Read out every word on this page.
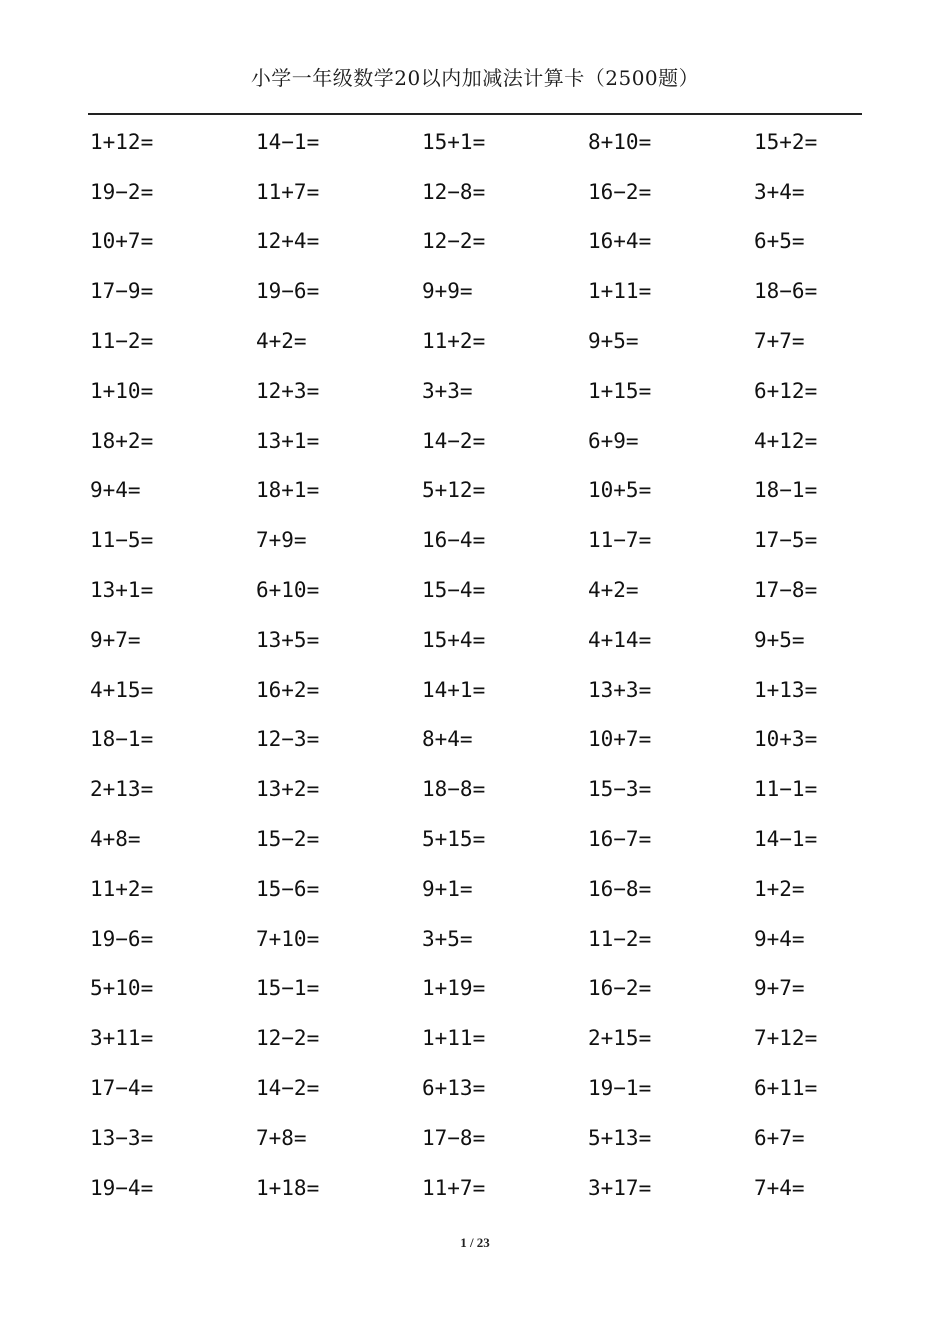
小学一年级数学20以内加减法计算卡（2500题）
1+12=	14−1=	15+1=	8+10=	15+2=
19−2=	11+7=	12−8=	16−2=	3+4=
10+7=	12+4=	12−2=	16+4=	6+5=
17−9=	19−6=	9+9=	1+11=	18−6=
11−2=	4+2=	11+2=	9+5=	7+7=
1+10=	12+3=	3+3=	1+15=	6+12=
18+2=	13+1=	14−2=	6+9=	4+12=
9+4=	18+1=	5+12=	10+5=	18−1=
11−5=	7+9=	16−4=	11−7=	17−5=
13+1=	6+10=	15−4=	4+2=	17−8=
9+7=	13+5=	15+4=	4+14=	9+5=
4+15=	16+2=	14+1=	13+3=	1+13=
18−1=	12−3=	8+4=	10+7=	10+3=
2+13=	13+2=	18−8=	15−3=	11−1=
4+8=	15−2=	5+15=	16−7=	14−1=
11+2=	15−6=	9+1=	16−8=	1+2=
19−6=	7+10=	3+5=	11−2=	9+4=
5+10=	15−1=	1+19=	16−2=	9+7=
3+11=	12−2=	1+11=	2+15=	7+12=
17−4=	14−2=	6+13=	19−1=	6+11=
13−3=	7+8=	17−8=	5+13=	6+7=
19−4=	1+18=	11+7=	3+17=	7+4=
1 / 23
